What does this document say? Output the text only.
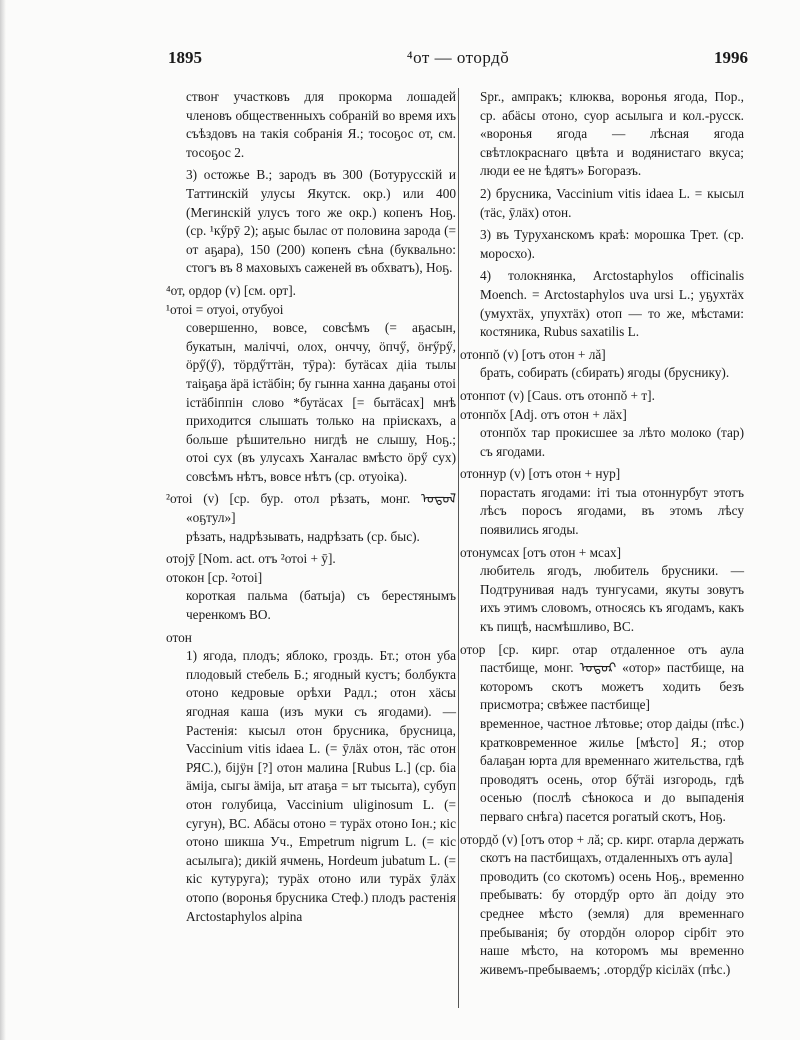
1895	⁴от — отордŏ	1996

ствоҥ участковъ для прокорма лошадей членовъ общественныхъ собраній во время ихъ съѣздовъ на такія собранія Я.; тосоҕос от, см. тосоҕос 2.

3) остожье В.; зародъ въ 300 (Ботурусскій и Таттинскій улусы Якутск. окр.) или 400 (Мегинскій улусъ того же окр.) копенъ Ноҕ. (ср. ¹кӳрӯ 2); аҕыс былас от половина зарода (= от аҕара), 150 (200) копенъ сѣна (буквально: стогъ въ 8 маховыхъ саженей въ обхватъ), Ноҕ.

⁴от, ордор (v) [см. орт].

¹отоі = отуоі, отубуоі

совершенно, вовсе, совсѣмъ (= аҕасын, букатын, маліччі, олох, онччу, ӧпчӳ, ӧҥӳрӳ, ӧрӳ(ӳ), тӧрдӳттӓн, тӯра): бутӓсах дііа тылы таіҕаҕа ӓрӓ істӓбін; бу гынна ханна даҕаны отоі істӓбіппін слово *бутӓсах [= бытӓсах] мнѣ приходится слышать только на пріискахъ, а больше рѣшительно нигдѣ не слышу, Ноҕ.; отоі сух (въ улусахъ Хаҥалас вмѣсто ӧрӳ сух) совсѣмъ нѣтъ, вовсе нѣтъ (ср. отуоіка).

²отоі (v) [ср. бур. отол рѣзать, монг. ᠣᠲᠣᠯ «оҕтул»]

рѣзать, надрѣзывать, надрѣзать (ср. быс).

отојӯ [Nom. act. отъ ²отоі + ӯ].

отокон [ср. ²отоі]

короткая пальма (батыја) съ берестянымъ черенкомъ ВО.

отон

1) ягода, плодъ; яблоко, гроздь. Бт.; отон уба плодовый стебель Б.; ягодный кустъ; болбукта отоно кедровые орѣхи Радл.; отон хӓсы ягодная каша (изъ муки съ ягодами). — Растенія: кысыл отон брусника, брусница, Vaccinium vitis idaea L. (= ӯлӓх отон, тӓс отон РЯС.), біјӱн [?] отон малина [Rubus L.] (ср. біа ӓміја, сыгы ӓміја, ыт атаҕа = ыт тысыта), субуп отон голубица, Vaccinium uliginosum L. (= сугун), ВС. Абӓсы отоно = турӓх отоно Іон.; кіс отоно шикша Уч., Empetrum nigrum L. (= кіс асылыга); дикій ячмень, Hordeum jubatum L. (= кіс кутуруга); турӓх отоно или турӓх ӯлӓх отопо (воронья брусника Стеф.) плодъ растенія Arctostaphylos alpina

Spr., ампракъ; клюква, воронья ягода, Пор., ср. абӓсы отоно, суор асылыга и кол.-русск. «воронья ягода — лѣсная ягода свѣтлокраснаго цвѣта и водянистаго вкуса; люди ее не ѣдятъ» Богоразъ.

2) брусника, Vaccinium vitis idaea L. = кысыл (тӓс, ӯлӓх) отон.

3) въ Туруханскомъ краѣ: морошка Трет. (ср. моросхо).

4) толокнянка, Arctostaphylos officinalis Moench. = Arctostaphylos uva ursi L.; уҕухтӓх (умухтӓх, упухтӓх) отоп — то же, мѣстами: костяника, Rubus saxatilis L.

отонпŏ (v) [отъ отон + лă]

брать, собирать (сбирать) ягоды (бруснику).

отонпот (v) [Caus. отъ отонпŏ + т].

отонпŏх [Adj. отъ отон + лӓх]

отонпŏх тар прокисшее за лѣто молоко (тар) съ ягодами.

отоннур (v) [отъ отон + нур]

порастать ягодами: іті тыа отоннурбут этотъ лѣсъ поросъ ягодами, въ этомъ лѣсу появились ягоды.

отонумсах [отъ отон + мсах]

любитель ягодъ, любитель брусники. — Подтрунивая надъ тунгусами, якуты зовутъ ихъ этимъ словомъ, относясь къ ягодамъ, какъ къ пищѣ, насмѣшливо, ВС.

отор [ср. кирг. отар отдаленное отъ аула пастбище, монг. ᠣᠲᠣᠷ «отор» пастбище, на которомъ скотъ можетъ ходить безъ присмотра; свѣжее пастбище]

временное, частное лѣтовье; отор даіды (пѣс.) кратковременное жилье [мѣсто] Я.; отор балаҕан юрта для временнаго жительства, гдѣ проводятъ осень, отор бӳтӓі изгородь, гдѣ осенью (послѣ сѣнокоса и до выпаденія перваго снѣга) пасется рогатый скотъ, Ноҕ.

отордŏ (v) [отъ отор + лă; ср. кирг. отарла держать скотъ на пастбищахъ, отдаленныхъ отъ аула]

проводить (со скотомъ) осень Ноҕ., временно пребывать: бу отордӳр орто ӓп доіду это среднее мѣсто (земля) для временнаго пребыванія; бу отордŏн олорор сірбіт это наше мѣсто, на которомъ мы временно живемъ-пребываемъ; .отордӳр кісілӓх (пѣс.)
